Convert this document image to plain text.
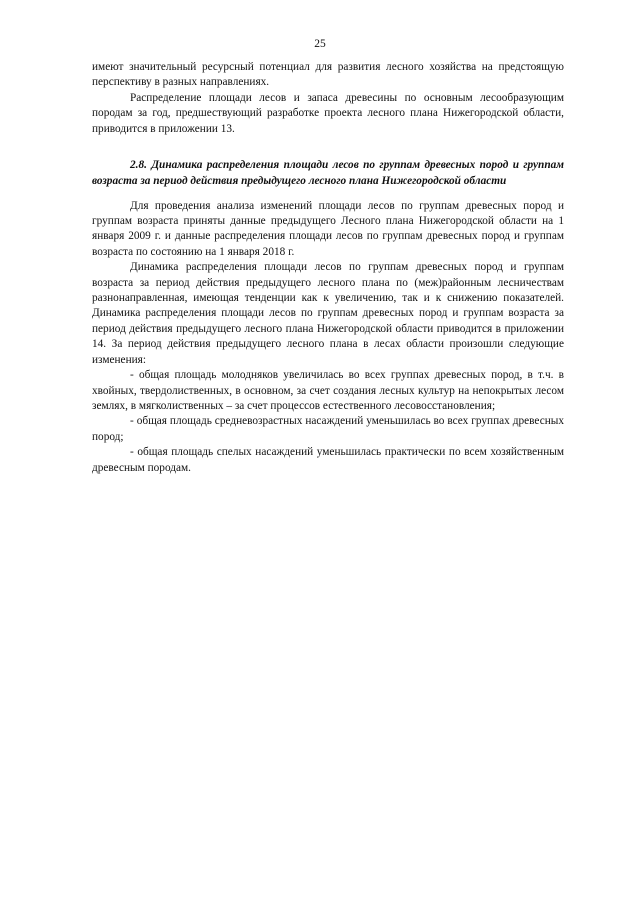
25

имеют значительный ресурсный потенциал для развития лесного хозяйства на предстоящую перспективу в разных направлениях.

Распределение площади лесов и запаса древесины по основным лесообразующим породам за год, предшествующий разработке проекта лесного плана Нижегородской области, приводится в приложении 13.

2.8. Динамика распределения площади лесов по группам древесных пород и группам возраста за период действия предыдущего лесного плана Нижегородской области

Для проведения анализа изменений площади лесов по группам древесных пород и группам возраста приняты данные предыдущего Лесного плана Нижегородской области на 1 января 2009 г. и данные распределения площади лесов по группам древесных пород и группам возраста по состоянию на 1 января 2018 г.

Динамика распределения площади лесов по группам древесных пород и группам возраста за период действия предыдущего лесного плана по (меж)районным лесничествам разнонаправленная, имеющая тенденции как к увеличению, так и к снижению показателей. Динамика распределения площади лесов по группам древесных пород и группам возраста за период действия предыдущего лесного плана Нижегородской области приводится в приложении 14. За период действия предыдущего лесного плана в лесах области произошли следующие изменения:

- общая площадь молодняков увеличилась во всех группах древесных пород, в т.ч. в хвойных, твердолиственных, в основном, за счет создания лесных культур на непокрытых лесом землях, в мягколиственных – за счет процессов естественного лесовосстановления;

- общая площадь средневозрастных насаждений уменьшилась во всех группах древесных пород;

- общая площадь спелых насаждений уменьшилась практически по всем хозяйственным древесным породам.
